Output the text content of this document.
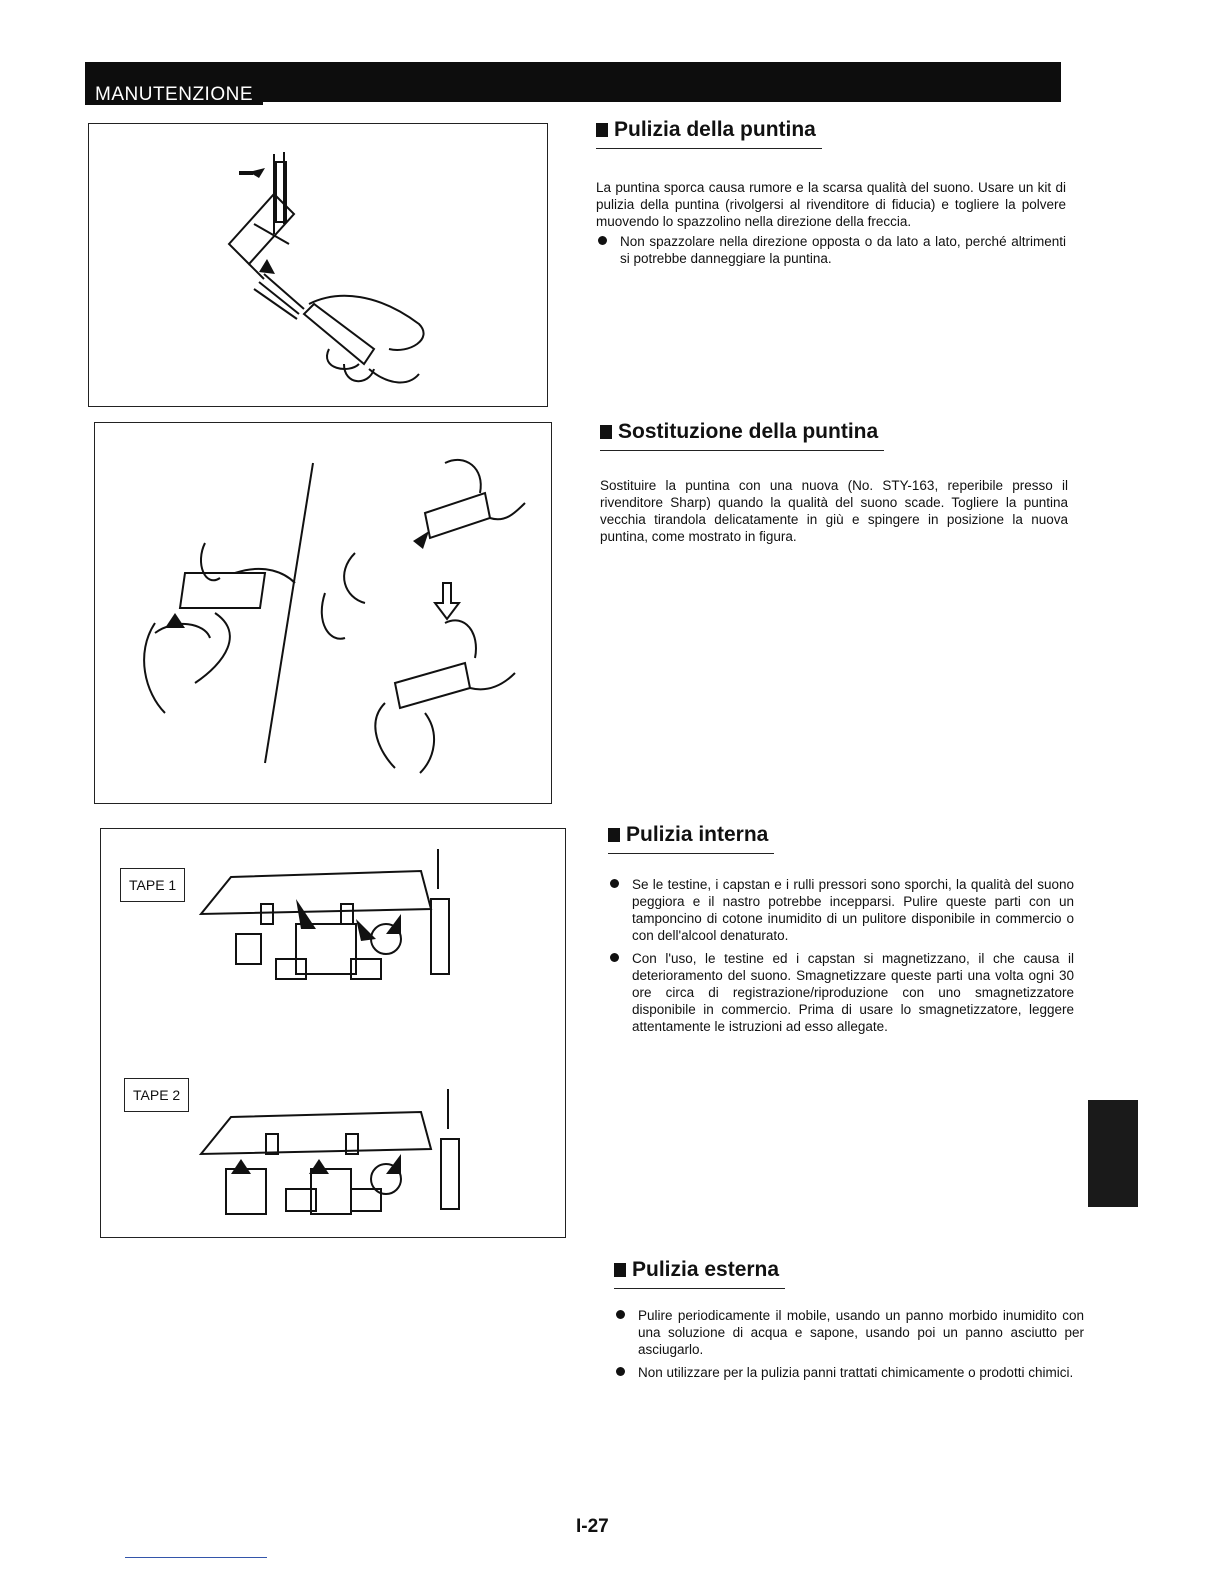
MANUTENZIONE
TAPE 1
TAPE 2
Pulizia della puntina

La puntina sporca causa rumore e la scarsa qualità del suono. Usare un kit di pulizia della puntina (rivolgersi al rivenditore di fiducia) e togliere la polvere muovendo lo spazzolino nella direzione della freccia.

Non spazzolare nella direzione opposta o da lato a lato, perché altrimenti si potrebbe danneggiare la puntina.
Sostituzione della puntina

Sostituire la puntina con una nuova (No. STY-163, reperibile presso il rivenditore Sharp) quando la qualità del suono scade. Togliere la puntina vecchia tirandola delicatamente in giù e spingere in posizione la nuova puntina, come mostrato in figura.

Pulizia interna
Se le testine, i capstan e i rulli pressori sono sporchi, la qualità del suono peggiora e il nastro potrebbe incepparsi. Pulire queste parti con un tamponcino di cotone inumidito di un pulitore disponibile in commercio o con dell'alcool denaturato.
Con l'uso, le testine ed i capstan si magnetizzano, il che causa il deterioramento del suono. Smagnetizzare queste parti una volta ogni 30 ore circa di registrazione/riproduzione con uno smagnetizzatore disponibile in commercio. Prima di usare lo smagnetizzatore, leggere attentamente le istruzioni ad esso allegate.
Pulizia esterna
Pulire periodicamente il mobile, usando un panno morbido inumidito con una soluzione di acqua e sapone, usando poi un panno asciutto per asciugarlo.
Non utilizzare per la pulizia panni trattati chimicamente o prodotti chimici.
I-27
